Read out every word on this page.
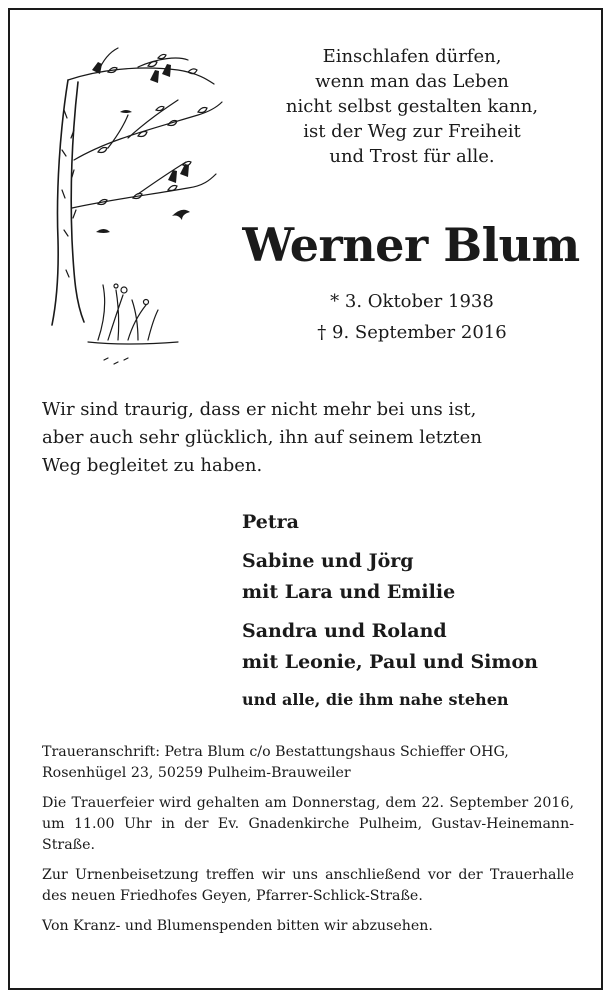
Einschlafen dürfen,
wenn man das Leben
nicht selbst gestalten kann,
ist der Weg zur Freiheit
und Trost für alle.
Werner Blum
* 3. Oktober 1938
† 9. September 2016
Wir sind traurig, dass er nicht mehr bei uns ist,
aber auch sehr glücklich, ihn auf seinem letzten
Weg begleitet zu haben.
Petra
Sabine und Jörg
mit Lara und Emilie
Sandra und Roland
mit Leonie, Paul und Simon
und alle, die ihm nahe stehen

Traueranschrift: Petra Blum c/o Bestattungshaus Schieffer OHG,
Rosenhügel 23, 50259 Pulheim-Brauweiler

Die Trauerfeier wird gehalten am Donnerstag, dem 22. September 2016, um 11.00 Uhr in der Ev. Gnadenkirche Pulheim, Gustav-Heinemann-Straße.

Zur Urnenbeisetzung treffen wir uns anschließend vor der Trauerhalle des neuen Friedhofes Geyen, Pfarrer-Schlick-Straße.

Von Kranz- und Blumenspenden bitten wir abzusehen.
